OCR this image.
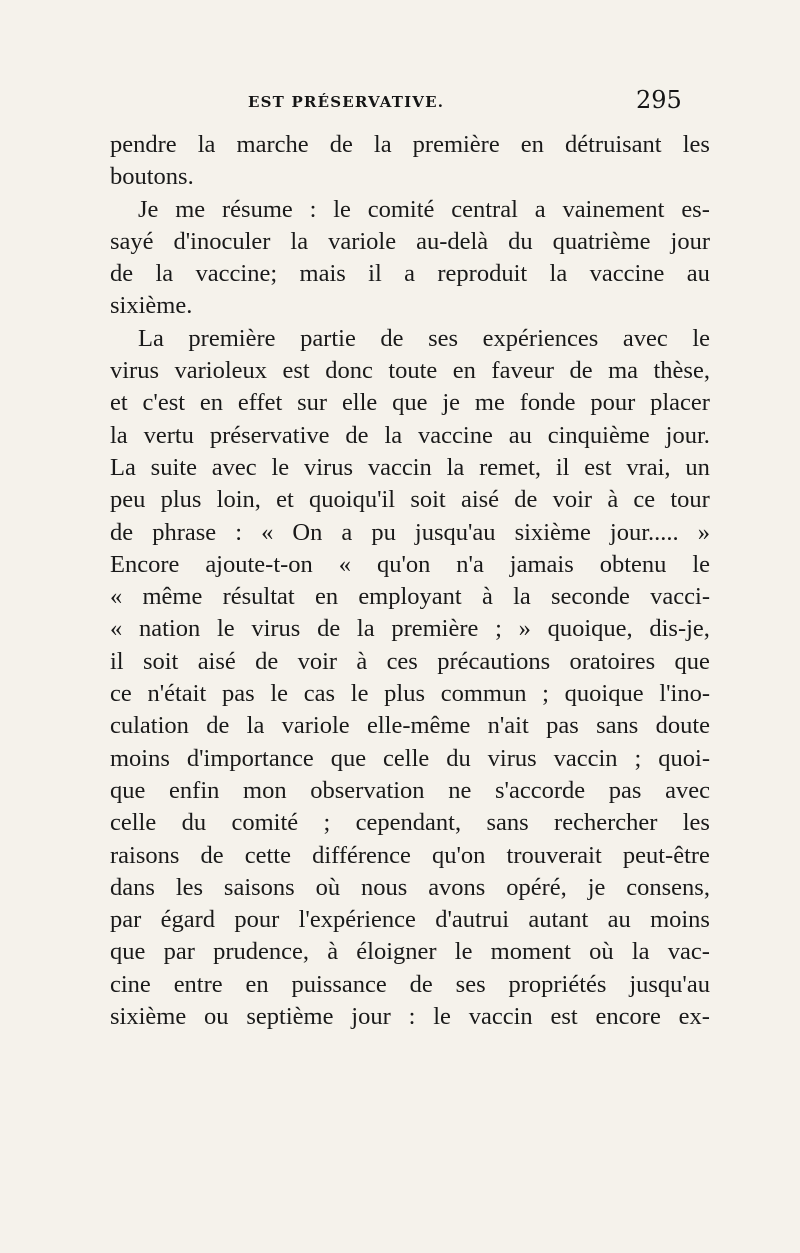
EST PRÉSERVATIVE.	295
pendre la marche de la première en détruisant les
boutons.
Je me résume : le comité central a vainement es-
sayé d'inoculer la variole au-delà du quatrième jour
de la vaccine; mais il a reproduit la vaccine au
sixième.
La première partie de ses expériences avec le
virus varioleux est donc toute en faveur de ma thèse,
et c'est en effet sur elle que je me fonde pour placer
la vertu préservative de la vaccine au cinquième jour.
La suite avec le virus vaccin la remet, il est vrai, un
peu plus loin, et quoiqu'il soit aisé de voir à ce tour
de phrase : « On a pu jusqu'au sixième jour..... »
Encore ajoute-t-on « qu'on n'a jamais obtenu le
« même résultat en employant à la seconde vacci-
« nation le virus de la première ; » quoique, dis-je,
il soit aisé de voir à ces précautions oratoires que
ce n'était pas le cas le plus commun ; quoique l'ino-
culation de la variole elle-même n'ait pas sans doute
moins d'importance que celle du virus vaccin ; quoi-
que enfin mon observation ne s'accorde pas avec
celle du comité ; cependant, sans rechercher les
raisons de cette différence qu'on trouverait peut-être
dans les saisons où nous avons opéré, je consens,
par égard pour l'expérience d'autrui autant au moins
que par prudence, à éloigner le moment où la vac-
cine entre en puissance de ses propriétés jusqu'au
sixième ou septième jour : le vaccin est encore ex-
